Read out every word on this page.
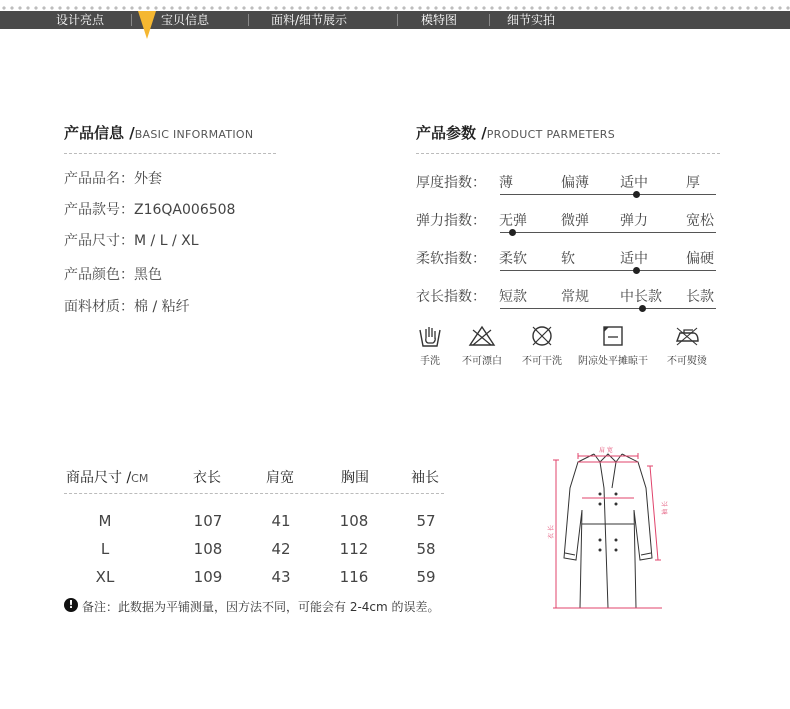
设计亮点	宝贝信息	面料/细节展示	模特图	细节实拍
产品信息 /BASIC INFORMATION
产品品名：外套
产品款号：Z16QA006508
产品尺寸：M / L / XL
产品颜色：黑色
面料材质：棉 / 粘纤
产品参数 /PRODUCT PARMETERS
厚度指数： 薄	偏薄 适中	厚
弹力指数： 无弹 微弹 弹力	宽松
柔软指数： 柔软 软	适中	偏硬
衣长指数： 短款 常规 中长款 长款
手洗	不可漂白	不可干洗	阴凉处平摊晾干	不可熨烫
商品尺寸 /CM	衣长	肩宽	胸围	袖长
M	107	41	108	57
L	108	42	112	58
XL	109	43	116	59
! 备注：此数据为平铺测量，因方法不同，可能会有 2-4cm 的误差。
肩 宽
衣 长
袖 长
